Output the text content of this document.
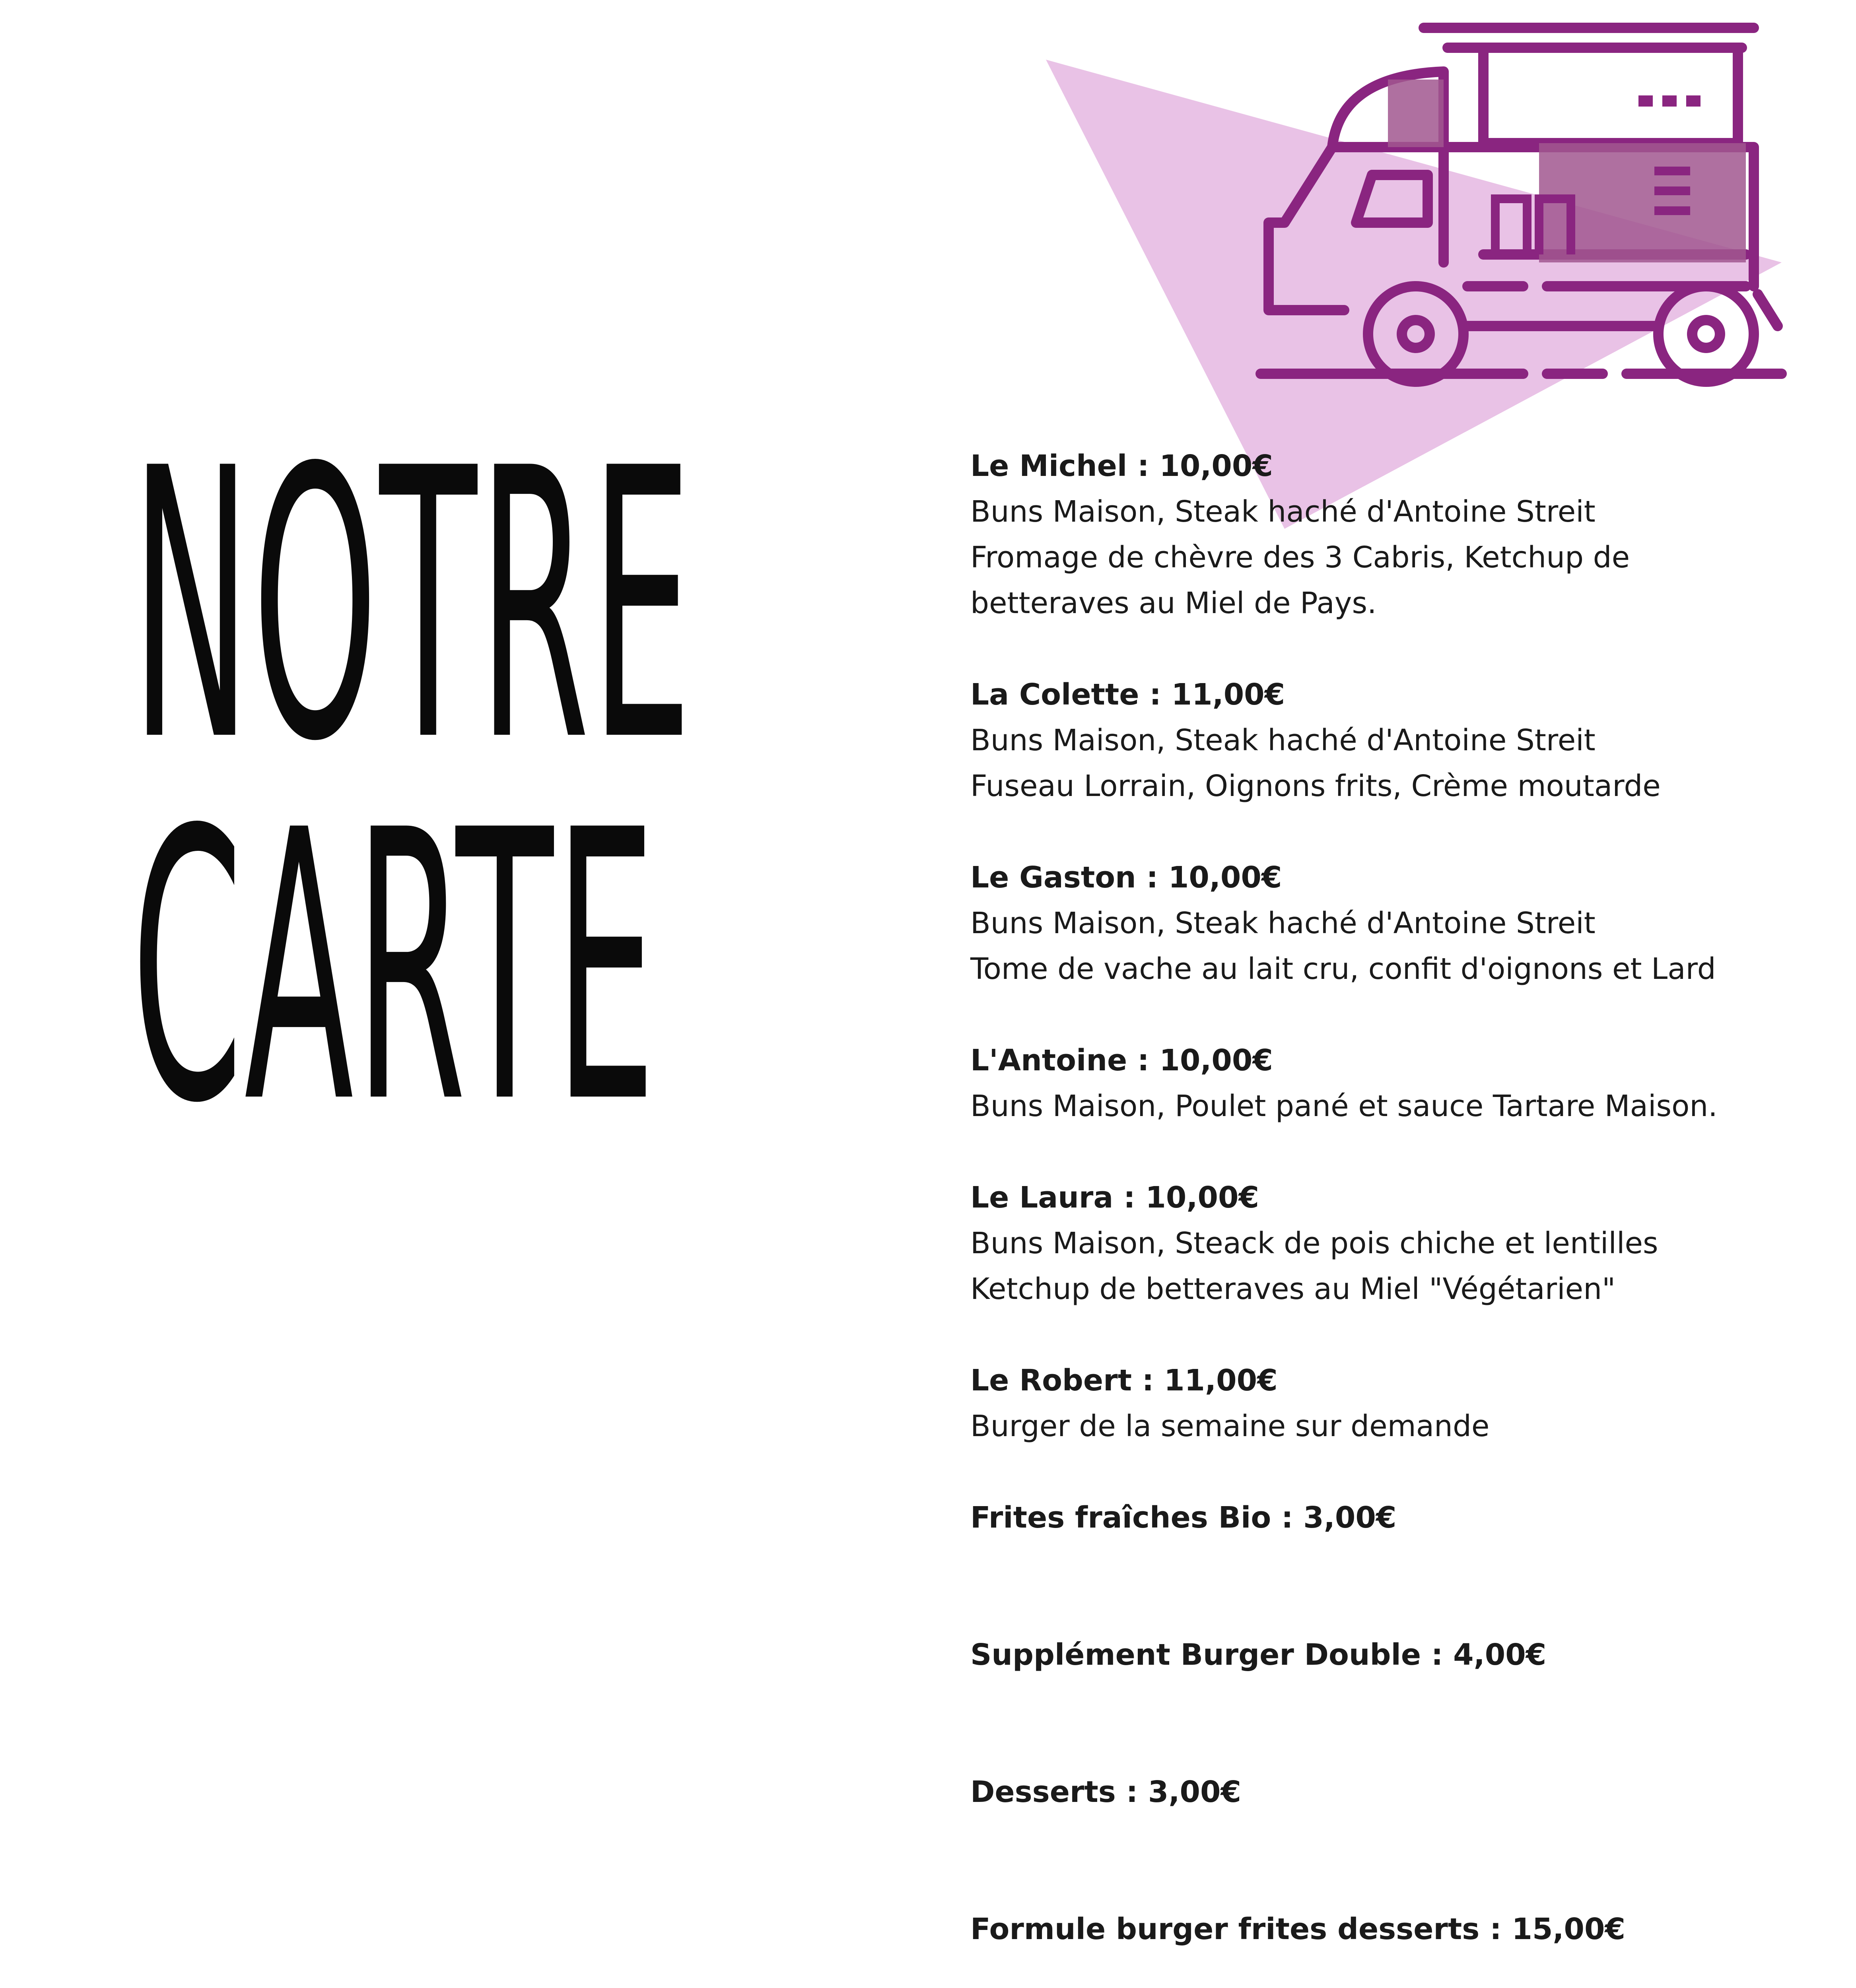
NOTRE
CARTE
Le Michel : 10,00€
Buns Maison, Steak haché d'Antoine Streit
Fromage de chèvre des 3 Cabris, Ketchup de
betteraves au Miel de Pays.
La Colette : 11,00€
Buns Maison, Steak haché d'Antoine Streit
Fuseau Lorrain, Oignons frits, Crème moutarde
Le Gaston : 10,00€
Buns Maison, Steak haché d'Antoine Streit
Tome de vache au lait cru, confit d'oignons et Lard
L'Antoine : 10,00€
Buns Maison, Poulet pané et sauce Tartare Maison.
Le Laura : 10,00€
Buns Maison, Steack de pois chiche et lentilles
Ketchup de betteraves au Miel "Végétarien"
Le Robert : 11,00€
Burger de la semaine sur demande
Frites fraîches Bio : 3,00€
Supplément Burger Double : 4,00€
Desserts : 3,00€
Formule burger frites desserts : 15,00€
